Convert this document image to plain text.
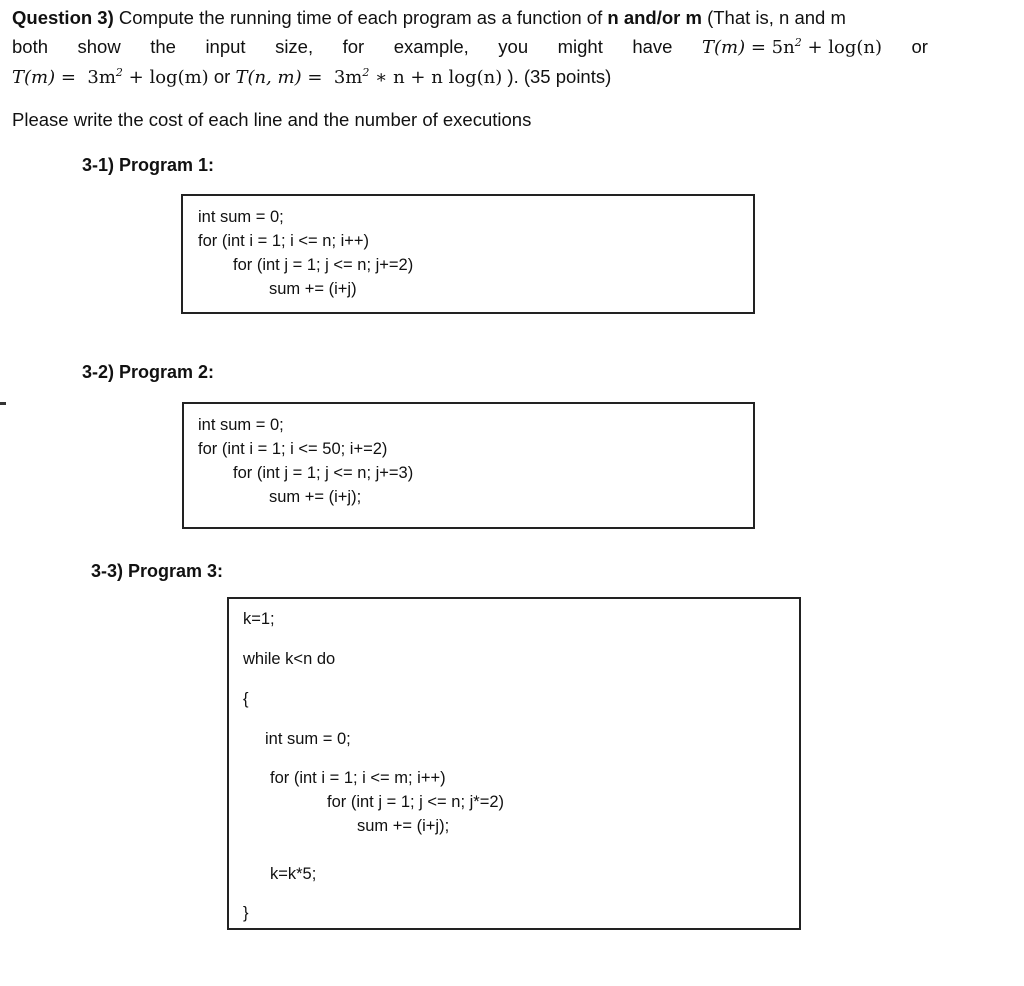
Question 3) Compute the running time of each program as a function of n and/or m (That is, n and m
both show the input size, for example, you might have $T(m) = 5n^2 + \log(n)$ or
$T(m) = 3m^2 + \log(m)$ or T(n, $m) = 3m^2$ ∗ n + n log(n) ). (35 points)
Please write the cost of each line and the number of executions
3-1) Program 1:
int sum = 0;
for (int i = 1; i <= n; i++)
for (int j = 1; j <= n; j+=2)
sum += (i+j)
3-2) Program 2:
int sum = 0;
for (int i = 1; i <= 50; i+=2)
for (int j = 1; j <= n; j+=3)
sum += (i+j);
3-3) Program 3:
k=1;
while k<n do
{
int sum = 0;
for (int i = 1; i <= m; i++)
for (int j = 1; j <= n; j*=2)
sum += (i+j);
k=k*5;
}
